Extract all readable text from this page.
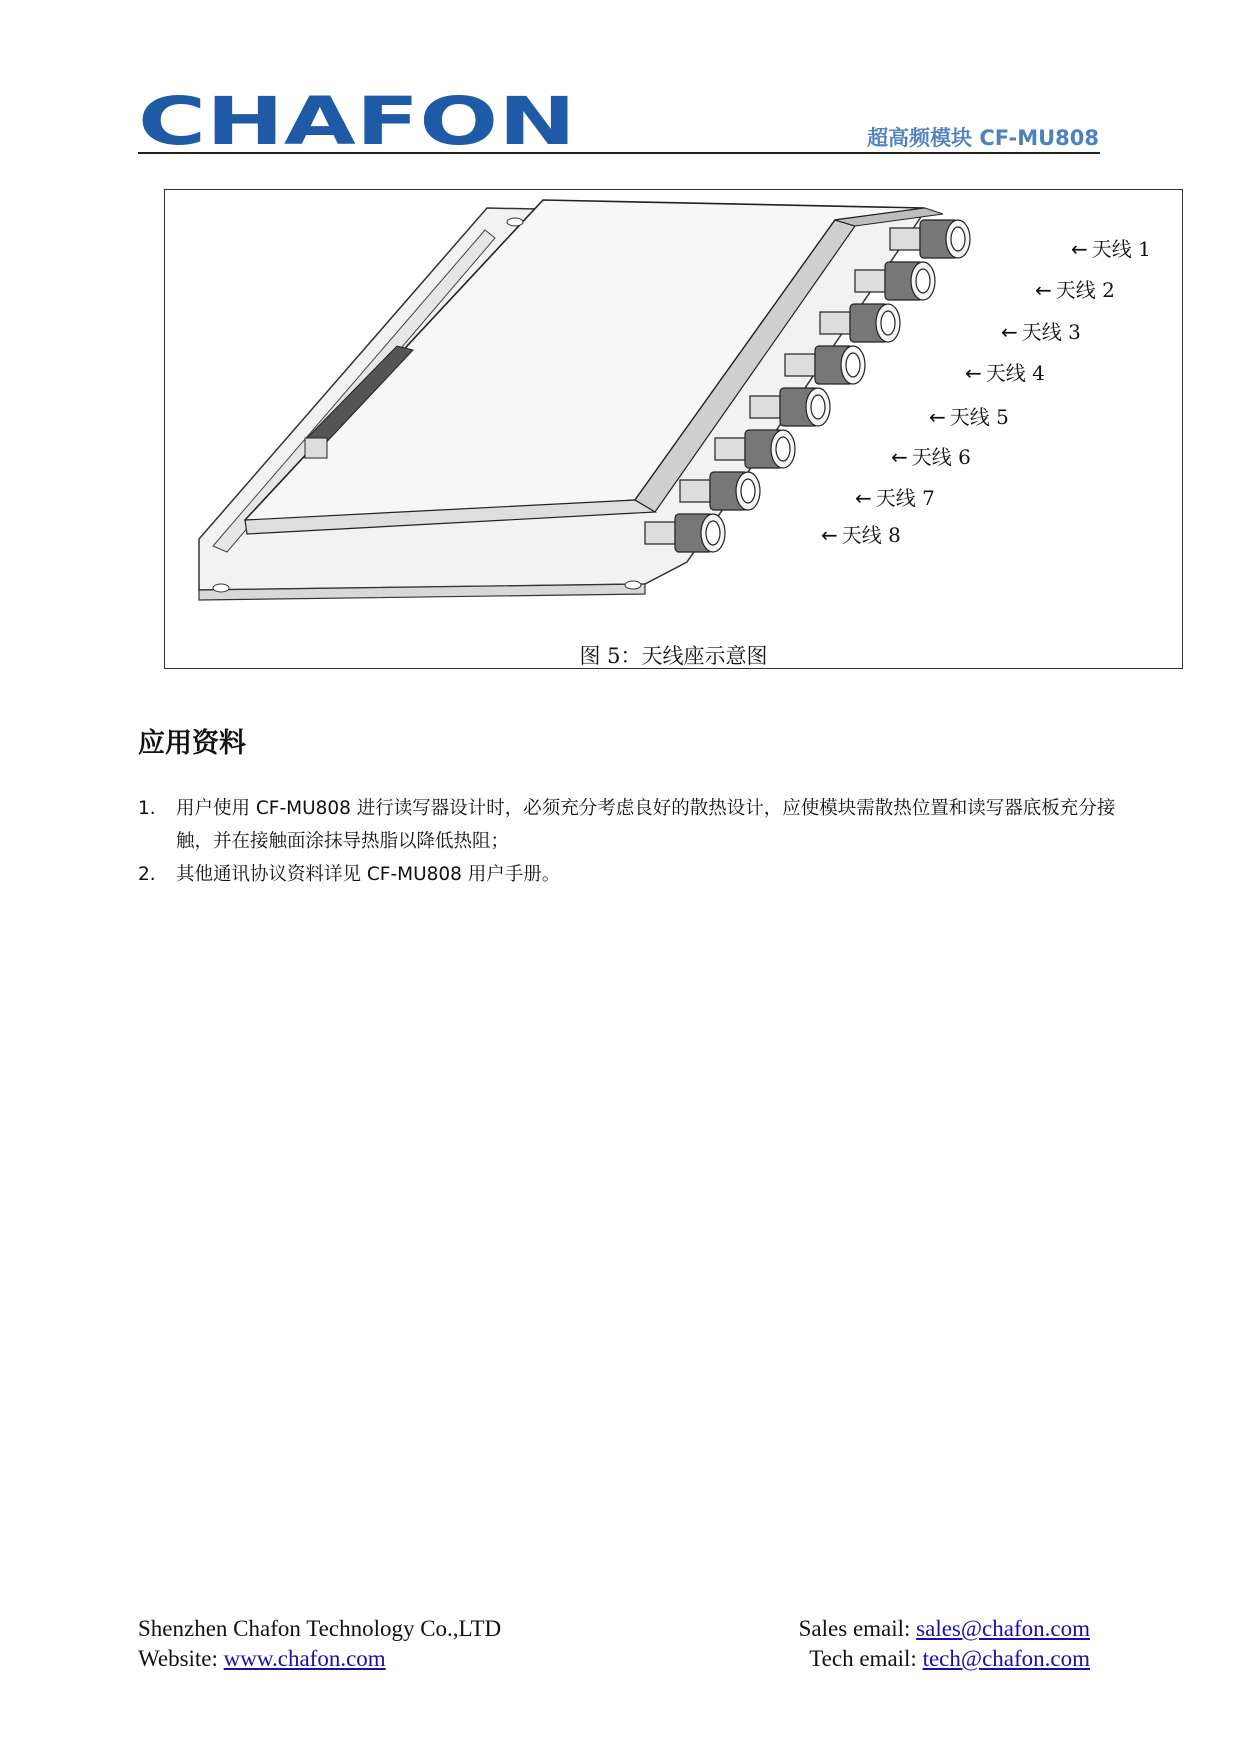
CHAFON	超高频模块 CF-MU808
← 天线 1
← 天线 2
← 天线 3
← 天线 4
← 天线 5
← 天线 6
← 天线 7
← 天线 8
图 5：天线座示意图
应用资料
1. 用户使用 CF-MU808 进行读写器设计时，必须充分考虑良好的散热设计，应使模块需散热位置和读写器底板充分接触，并在接触面涂抹导热脂以降低热阻；
2. 其他通讯协议资料详见 CF-MU808 用户手册。
Shenzhen Chafon Technology Co.,LTD
Website: www.chafon.com
Sales email: sales@chafon.com
Tech email: tech@chafon.com
